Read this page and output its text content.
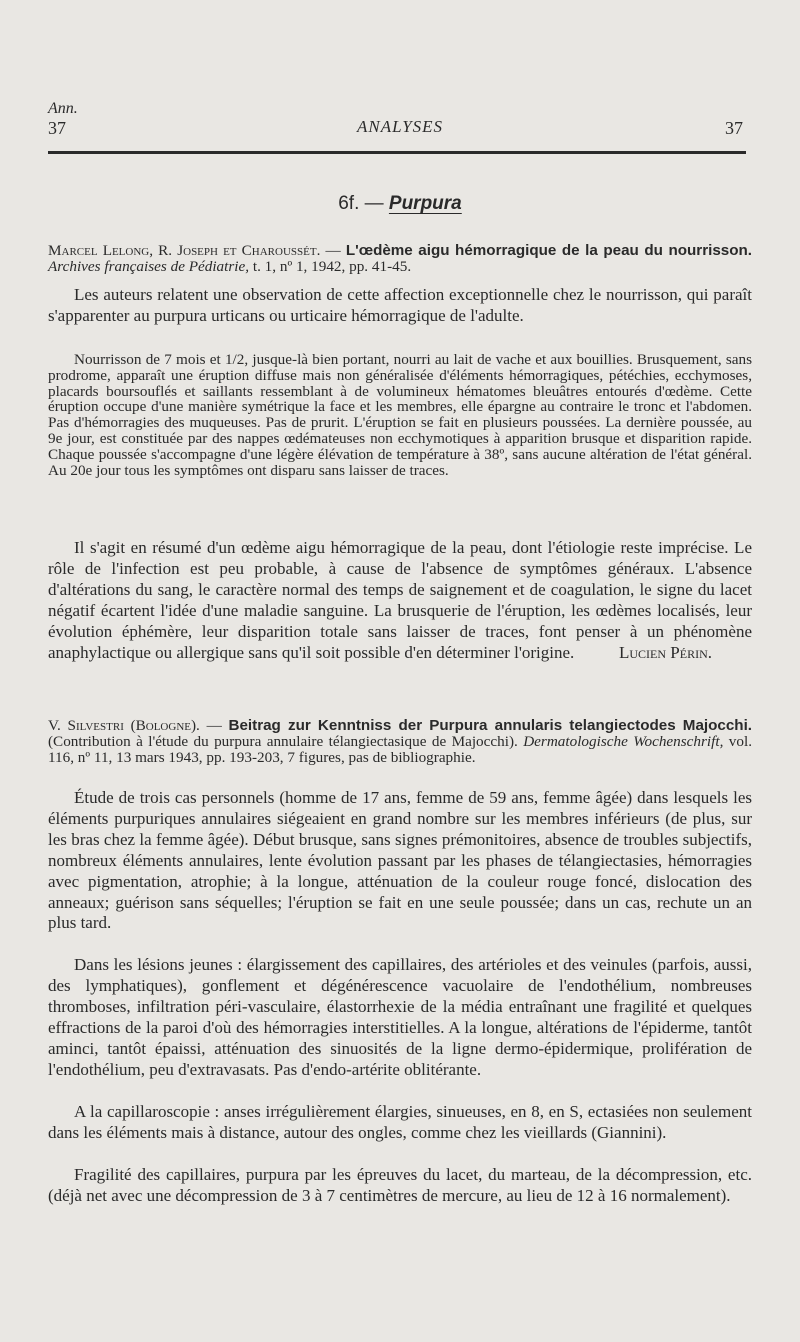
Ann.
37	ANALYSES	37
6f. — Purpura
Marcel Lelong, R. Joseph et Charoussét. — L'œdème aigu hémorragique de la peau du nourrisson. Archives françaises de Pédiatrie, t. 1, nº 1, 1942, pp. 41-45.
Les auteurs relatent une observation de cette affection exceptionnelle chez le nourrisson, qui paraît s'apparenter au purpura urticans ou urticaire hémorragique de l'adulte.
Nourrisson de 7 mois et 1/2, jusque-là bien portant, nourri au lait de vache et aux bouillies. Brusquement, sans prodrome, apparaît une éruption diffuse mais non généralisée d'éléments hémorragiques, pétéchies, ecchymoses, placards boursouflés et saillants ressemblant à de volumineux hématomes bleuâtres entourés d'œdème. Cette éruption occupe d'une manière symétrique la face et les membres, elle épargne au contraire le tronc et l'abdomen. Pas d'hémorragies des muqueuses. Pas de prurit. L'éruption se fait en plusieurs poussées. La dernière poussée, au 9e jour, est constituée par des nappes œdémateuses non ecchymotiques à apparition brusque et disparition rapide. Chaque poussée s'accompagne d'une légère élévation de température à 38º, sans aucune altération de l'état général. Au 20e jour tous les symptômes ont disparu sans laisser de traces.
Il s'agit en résumé d'un œdème aigu hémorragique de la peau, dont l'étiologie reste imprécise. Le rôle de l'infection est peu probable, à cause de l'absence de symptômes généraux. L'absence d'altérations du sang, le caractère normal des temps de saignement et de coagulation, le signe du lacet négatif écartent l'idée d'une maladie sanguine. La brusquerie de l'éruption, les œdèmes localisés, leur évolution éphémère, leur disparition totale sans laisser de traces, font penser à un phénomène anaphylactique ou allergique sans qu'il soit possible d'en déterminer l'origine.	Lucien Périn.
V. Silvestri (Bologne). — Beitrag zur Kenntniss der Purpura annularis telangiectodes Majocchi. (Contribution à l'étude du purpura annulaire télangiectasique de Majocchi). Dermatologische Wochenschrift, vol. 116, nº 11, 13 mars 1943, pp. 193-203, 7 figures, pas de bibliographie.
Étude de trois cas personnels (homme de 17 ans, femme de 59 ans, femme âgée) dans lesquels les éléments purpuriques annulaires siégeaient en grand nombre sur les membres inférieurs (de plus, sur les bras chez la femme âgée). Début brusque, sans signes prémonitoires, absence de troubles subjectifs, nombreux éléments annulaires, lente évolution passant par les phases de télangiectasies, hémorragies avec pigmentation, atrophie; à la longue, atténuation de la couleur rouge foncé, dislocation des anneaux; guérison sans séquelles; l'éruption se fait en une seule poussée; dans un cas, rechute un an plus tard.
Dans les lésions jeunes : élargissement des capillaires, des artérioles et des veinules (parfois, aussi, des lymphatiques), gonflement et dégénérescence vacuolaire de l'endothélium, nombreuses thromboses, infiltration péri-vasculaire, élastorrhexie de la média entraînant une fragilité et quelques effractions de la paroi d'où des hémorragies interstitielles. A la longue, altérations de l'épiderme, tantôt aminci, tantôt épaissi, atténuation des sinuosités de la ligne dermo-épidermique, prolifération de l'endothélium, peu d'extravasats. Pas d'endo-artérite oblitérante.
A la capillaroscopie : anses irrégulièrement élargies, sinueuses, en 8, en S, ectasiées non seulement dans les éléments mais à distance, autour des ongles, comme chez les vieillards (Giannini).
Fragilité des capillaires, purpura par les épreuves du lacet, du marteau, de la décompression, etc. (déjà net avec une décompression de 3 à 7 centimètres de mercure, au lieu de 12 à 16 normalement).
